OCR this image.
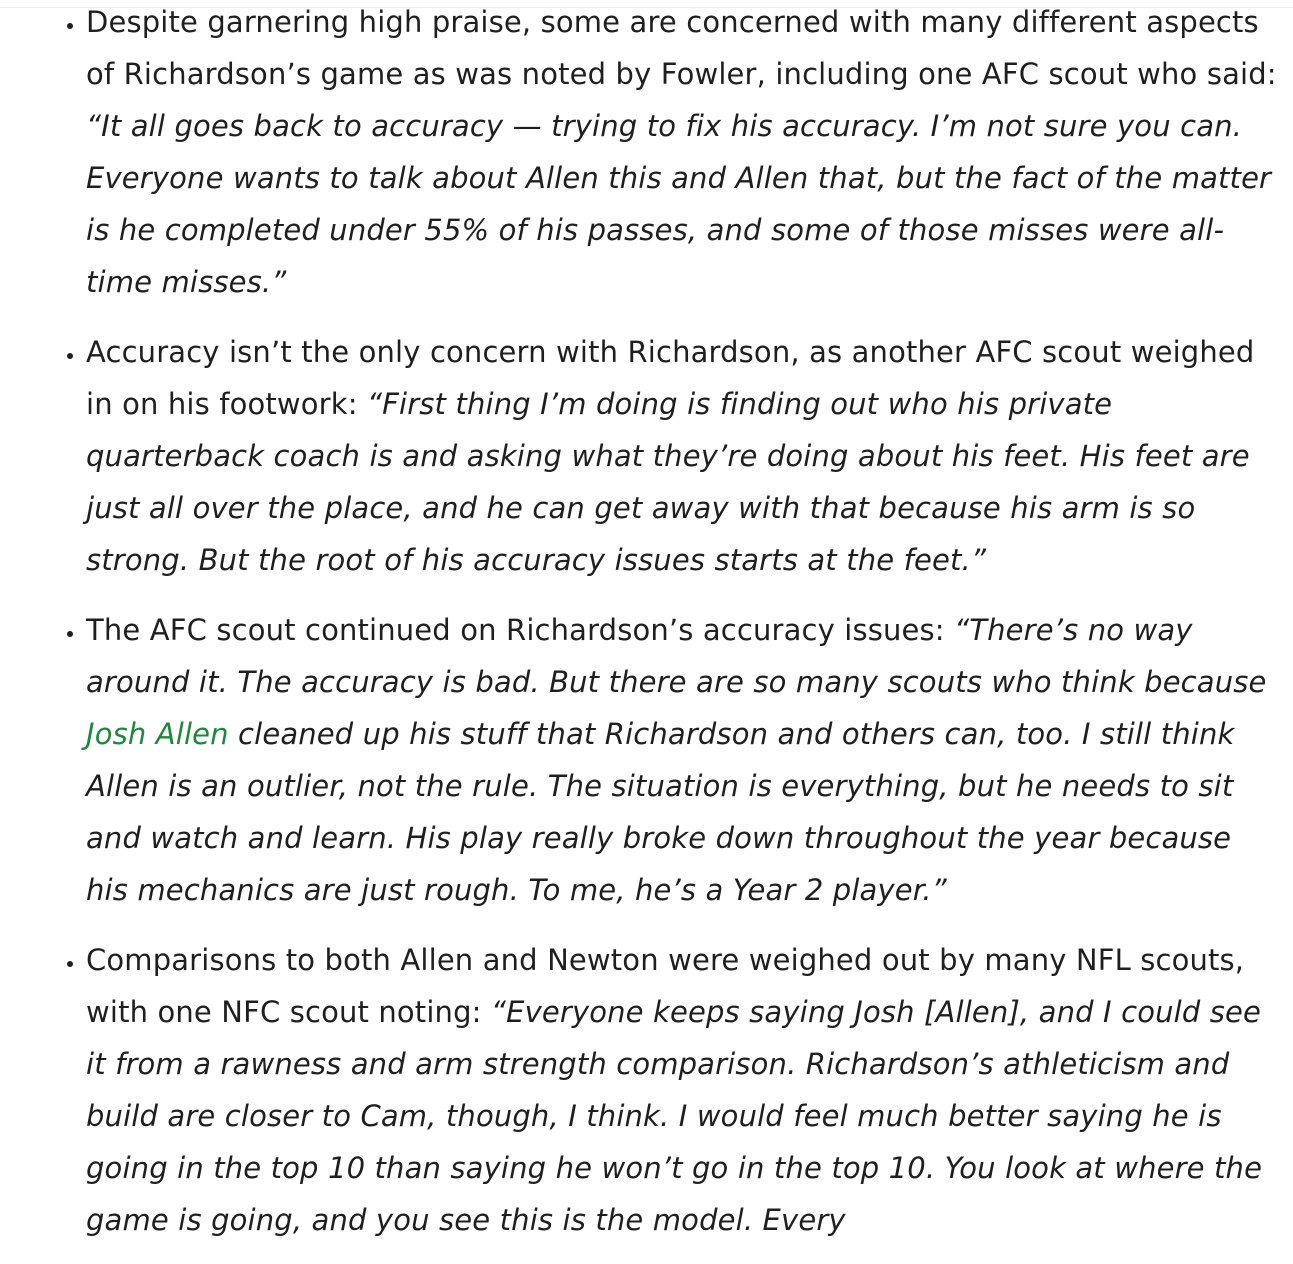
• Despite garnering high praise, some are concerned with many different aspects of Richardson’s game as was noted by Fowler, including one AFC scout who said: “It all goes back to accuracy — trying to fix his accuracy. I’m not sure you can. Everyone wants to talk about Allen this and Allen that, but the fact of the matter is he completed under 55% of his passes, and some of those misses were all-time misses.”
• Accuracy isn’t the only concern with Richardson, as another AFC scout weighed in on his footwork: “First thing I’m doing is finding out who his private quarterback coach is and asking what they’re doing about his feet. His feet are just all over the place, and he can get away with that because his arm is so strong. But the root of his accuracy issues starts at the feet.”
• The AFC scout continued on Richardson’s accuracy issues: “There’s no way around it. The accuracy is bad. But there are so many scouts who think because Josh Allen cleaned up his stuff that Richardson and others can, too. I still think Allen is an outlier, not the rule. The situation is everything, but he needs to sit and watch and learn. His play really broke down throughout the year because his mechanics are just rough. To me, he’s a Year 2 player.”
• Comparisons to both Allen and Newton were weighed out by many NFL scouts, with one NFC scout noting: “Everyone keeps saying Josh [Allen], and I could see it from a rawness and arm strength comparison. Richardson’s athleticism and build are closer to Cam, though, I think. I would feel much better saying he is going in the top 10 than saying he won’t go in the top 10. You look at where the game is going, and you see this is the model. Every
